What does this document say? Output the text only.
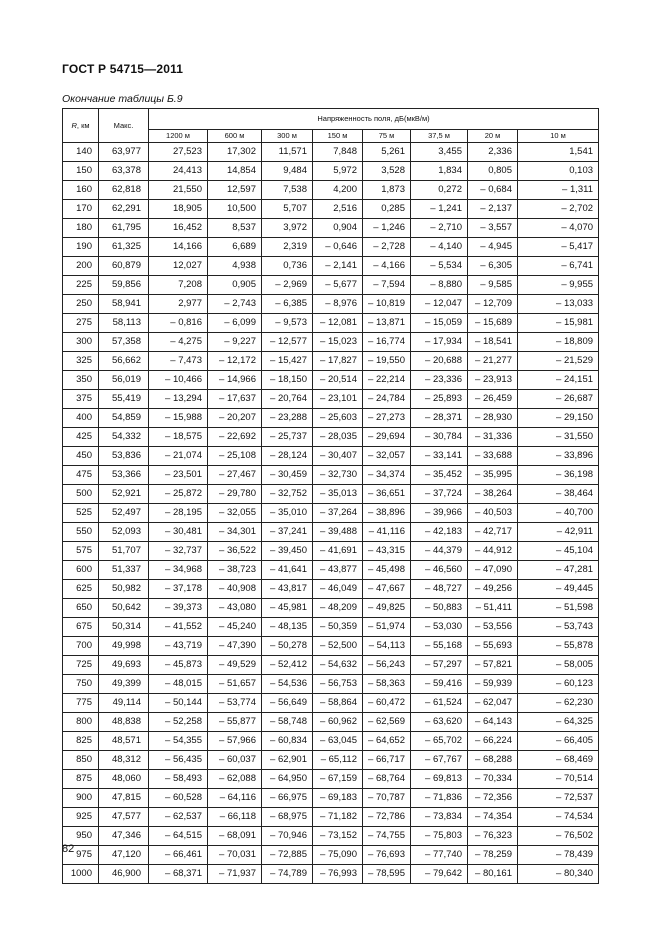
ГОСТ Р 54715—2011
Окончание таблицы Б.9
R, км	Макс.	Напряженность поля, дБ(мкВ/м)							
		1200 м	600 м	300 м	150 м	75 м	37,5 м	20 м	10 м
140	63,977	27,523	17,302	11,571	7,848	5,261	3,455	2,336	1,541
150	63,378	24,413	14,854	9,484	5,972	3,528	1,834	0,805	0,103
160	62,818	21,550	12,597	7,538	4,200	1,873	0,272	– 0,684	– 1,311
170	62,291	18,905	10,500	5,707	2,516	0,285	– 1,241	– 2,137	– 2,702
180	61,795	16,452	8,537	3,972	0,904	– 1,246	– 2,710	– 3,557	– 4,070
190	61,325	14,166	6,689	2,319	– 0,646	– 2,728	– 4,140	– 4,945	– 5,417
200	60,879	12,027	4,938	0,736	– 2,141	– 4,166	– 5,534	– 6,305	– 6,741
225	59,856	7,208	0,905	– 2,969	– 5,677	– 7,594	– 8,880	– 9,585	– 9,955
250	58,941	2,977	– 2,743	– 6,385	– 8,976	– 10,819	– 12,047	– 12,709	– 13,033
275	58,113	– 0,816	– 6,099	– 9,573	– 12,081	– 13,871	– 15,059	– 15,689	– 15,981
300	57,358	– 4,275	– 9,227	– 12,577	– 15,023	– 16,774	– 17,934	– 18,541	– 18,809
325	56,662	– 7,473	– 12,172	– 15,427	– 17,827	– 19,550	– 20,688	– 21,277	– 21,529
350	56,019	– 10,466	– 14,966	– 18,150	– 20,514	– 22,214	– 23,336	– 23,913	– 24,151
375	55,419	– 13,294	– 17,637	– 20,764	– 23,101	– 24,784	– 25,893	– 26,459	– 26,687
400	54,859	– 15,988	– 20,207	– 23,288	– 25,603	– 27,273	– 28,371	– 28,930	– 29,150
425	54,332	– 18,575	– 22,692	– 25,737	– 28,035	– 29,694	– 30,784	– 31,336	– 31,550
450	53,836	– 21,074	– 25,108	– 28,124	– 30,407	– 32,057	– 33,141	– 33,688	– 33,896
475	53,366	– 23,501	– 27,467	– 30,459	– 32,730	– 34,374	– 35,452	– 35,995	– 36,198
500	52,921	– 25,872	– 29,780	– 32,752	– 35,013	– 36,651	– 37,724	– 38,264	– 38,464
525	52,497	– 28,195	– 32,055	– 35,010	– 37,264	– 38,896	– 39,966	– 40,503	– 40,700
550	52,093	– 30,481	– 34,301	– 37,241	– 39,488	– 41,116	– 42,183	– 42,717	– 42,911
575	51,707	– 32,737	– 36,522	– 39,450	– 41,691	– 43,315	– 44,379	– 44,912	– 45,104
600	51,337	– 34,968	– 38,723	– 41,641	– 43,877	– 45,498	– 46,560	– 47,090	– 47,281
625	50,982	– 37,178	– 40,908	– 43,817	– 46,049	– 47,667	– 48,727	– 49,256	– 49,445
650	50,642	– 39,373	– 43,080	– 45,981	– 48,209	– 49,825	– 50,883	– 51,411	– 51,598
675	50,314	– 41,552	– 45,240	– 48,135	– 50,359	– 51,974	– 53,030	– 53,556	– 53,743
700	49,998	– 43,719	– 47,390	– 50,278	– 52,500	– 54,113	– 55,168	– 55,693	– 55,878
725	49,693	– 45,873	– 49,529	– 52,412	– 54,632	– 56,243	– 57,297	– 57,821	– 58,005
750	49,399	– 48,015	– 51,657	– 54,536	– 56,753	– 58,363	– 59,416	– 59,939	– 60,123
775	49,114	– 50,144	– 53,774	– 56,649	– 58,864	– 60,472	– 61,524	– 62,047	– 62,230
800	48,838	– 52,258	– 55,877	– 58,748	– 60,962	– 62,569	– 63,620	– 64,143	– 64,325
825	48,571	– 54,355	– 57,966	– 60,834	– 63,045	– 64,652	– 65,702	– 66,224	– 66,405
850	48,312	– 56,435	– 60,037	– 62,901	– 65,112	– 66,717	– 67,767	– 68,288	– 68,469
875	48,060	– 58,493	– 62,088	– 64,950	– 67,159	– 68,764	– 69,813	– 70,334	– 70,514
900	47,815	– 60,528	– 64,116	– 66,975	– 69,183	– 70,787	– 71,836	– 72,356	– 72,537
925	47,577	– 62,537	– 66,118	– 68,975	– 71,182	– 72,786	– 73,834	– 74,354	– 74,534
950	47,346	– 64,515	– 68,091	– 70,946	– 73,152	– 74,755	– 75,803	– 76,323	– 76,502
975	47,120	– 66,461	– 70,031	– 72,885	– 75,090	– 76,693	– 77,740	– 78,259	– 78,439
1000	46,900	– 68,371	– 71,937	– 74,789	– 76,993	– 78,595	– 79,642	– 80,161	– 80,340
82
